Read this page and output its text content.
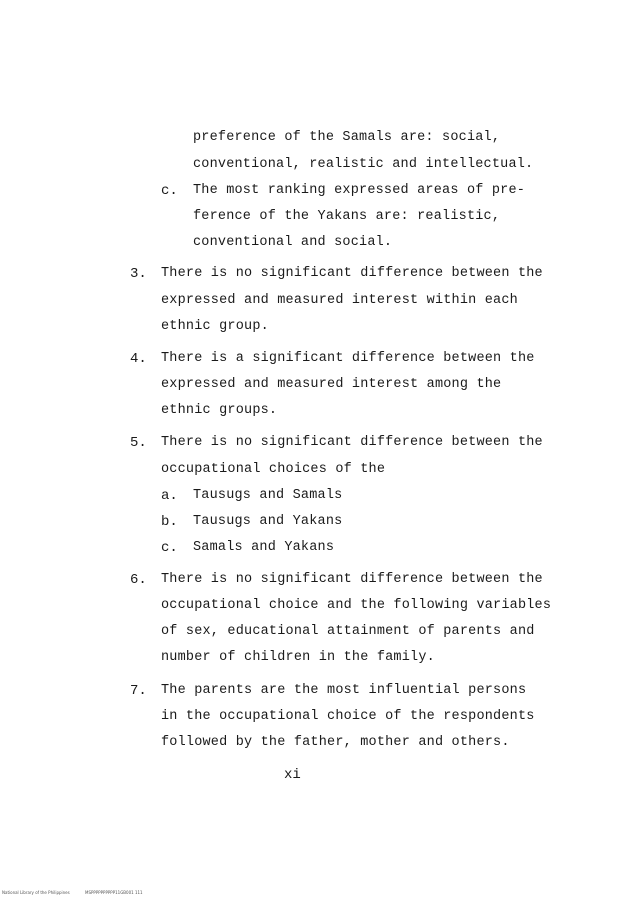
preference of the Samals are: social,
conventional, realistic and intellectual.
c. The most ranking expressed areas of pre-
ference of the Yakans are: realistic,
conventional and social.
3. There is no significant difference between the
expressed and measured interest within each
ethnic group.
4. There is a significant difference between the
expressed and measured interest among the
ethnic groups.
5. There is no significant difference between the
occupational choices of the
a. Tausugs and Samals
b. Tausugs and Yakans
c. Samals and Yakans
6. There is no significant difference between the
occupational choice and the following variables
of sex, educational attainment of parents and
number of children in the family.
7. The parents are the most influential persons
in the occupational choice of the respondents
followed by the father, mother and others.
xi
National Library of the Philippines	MSPPPPPPPPPP11GB001 111
